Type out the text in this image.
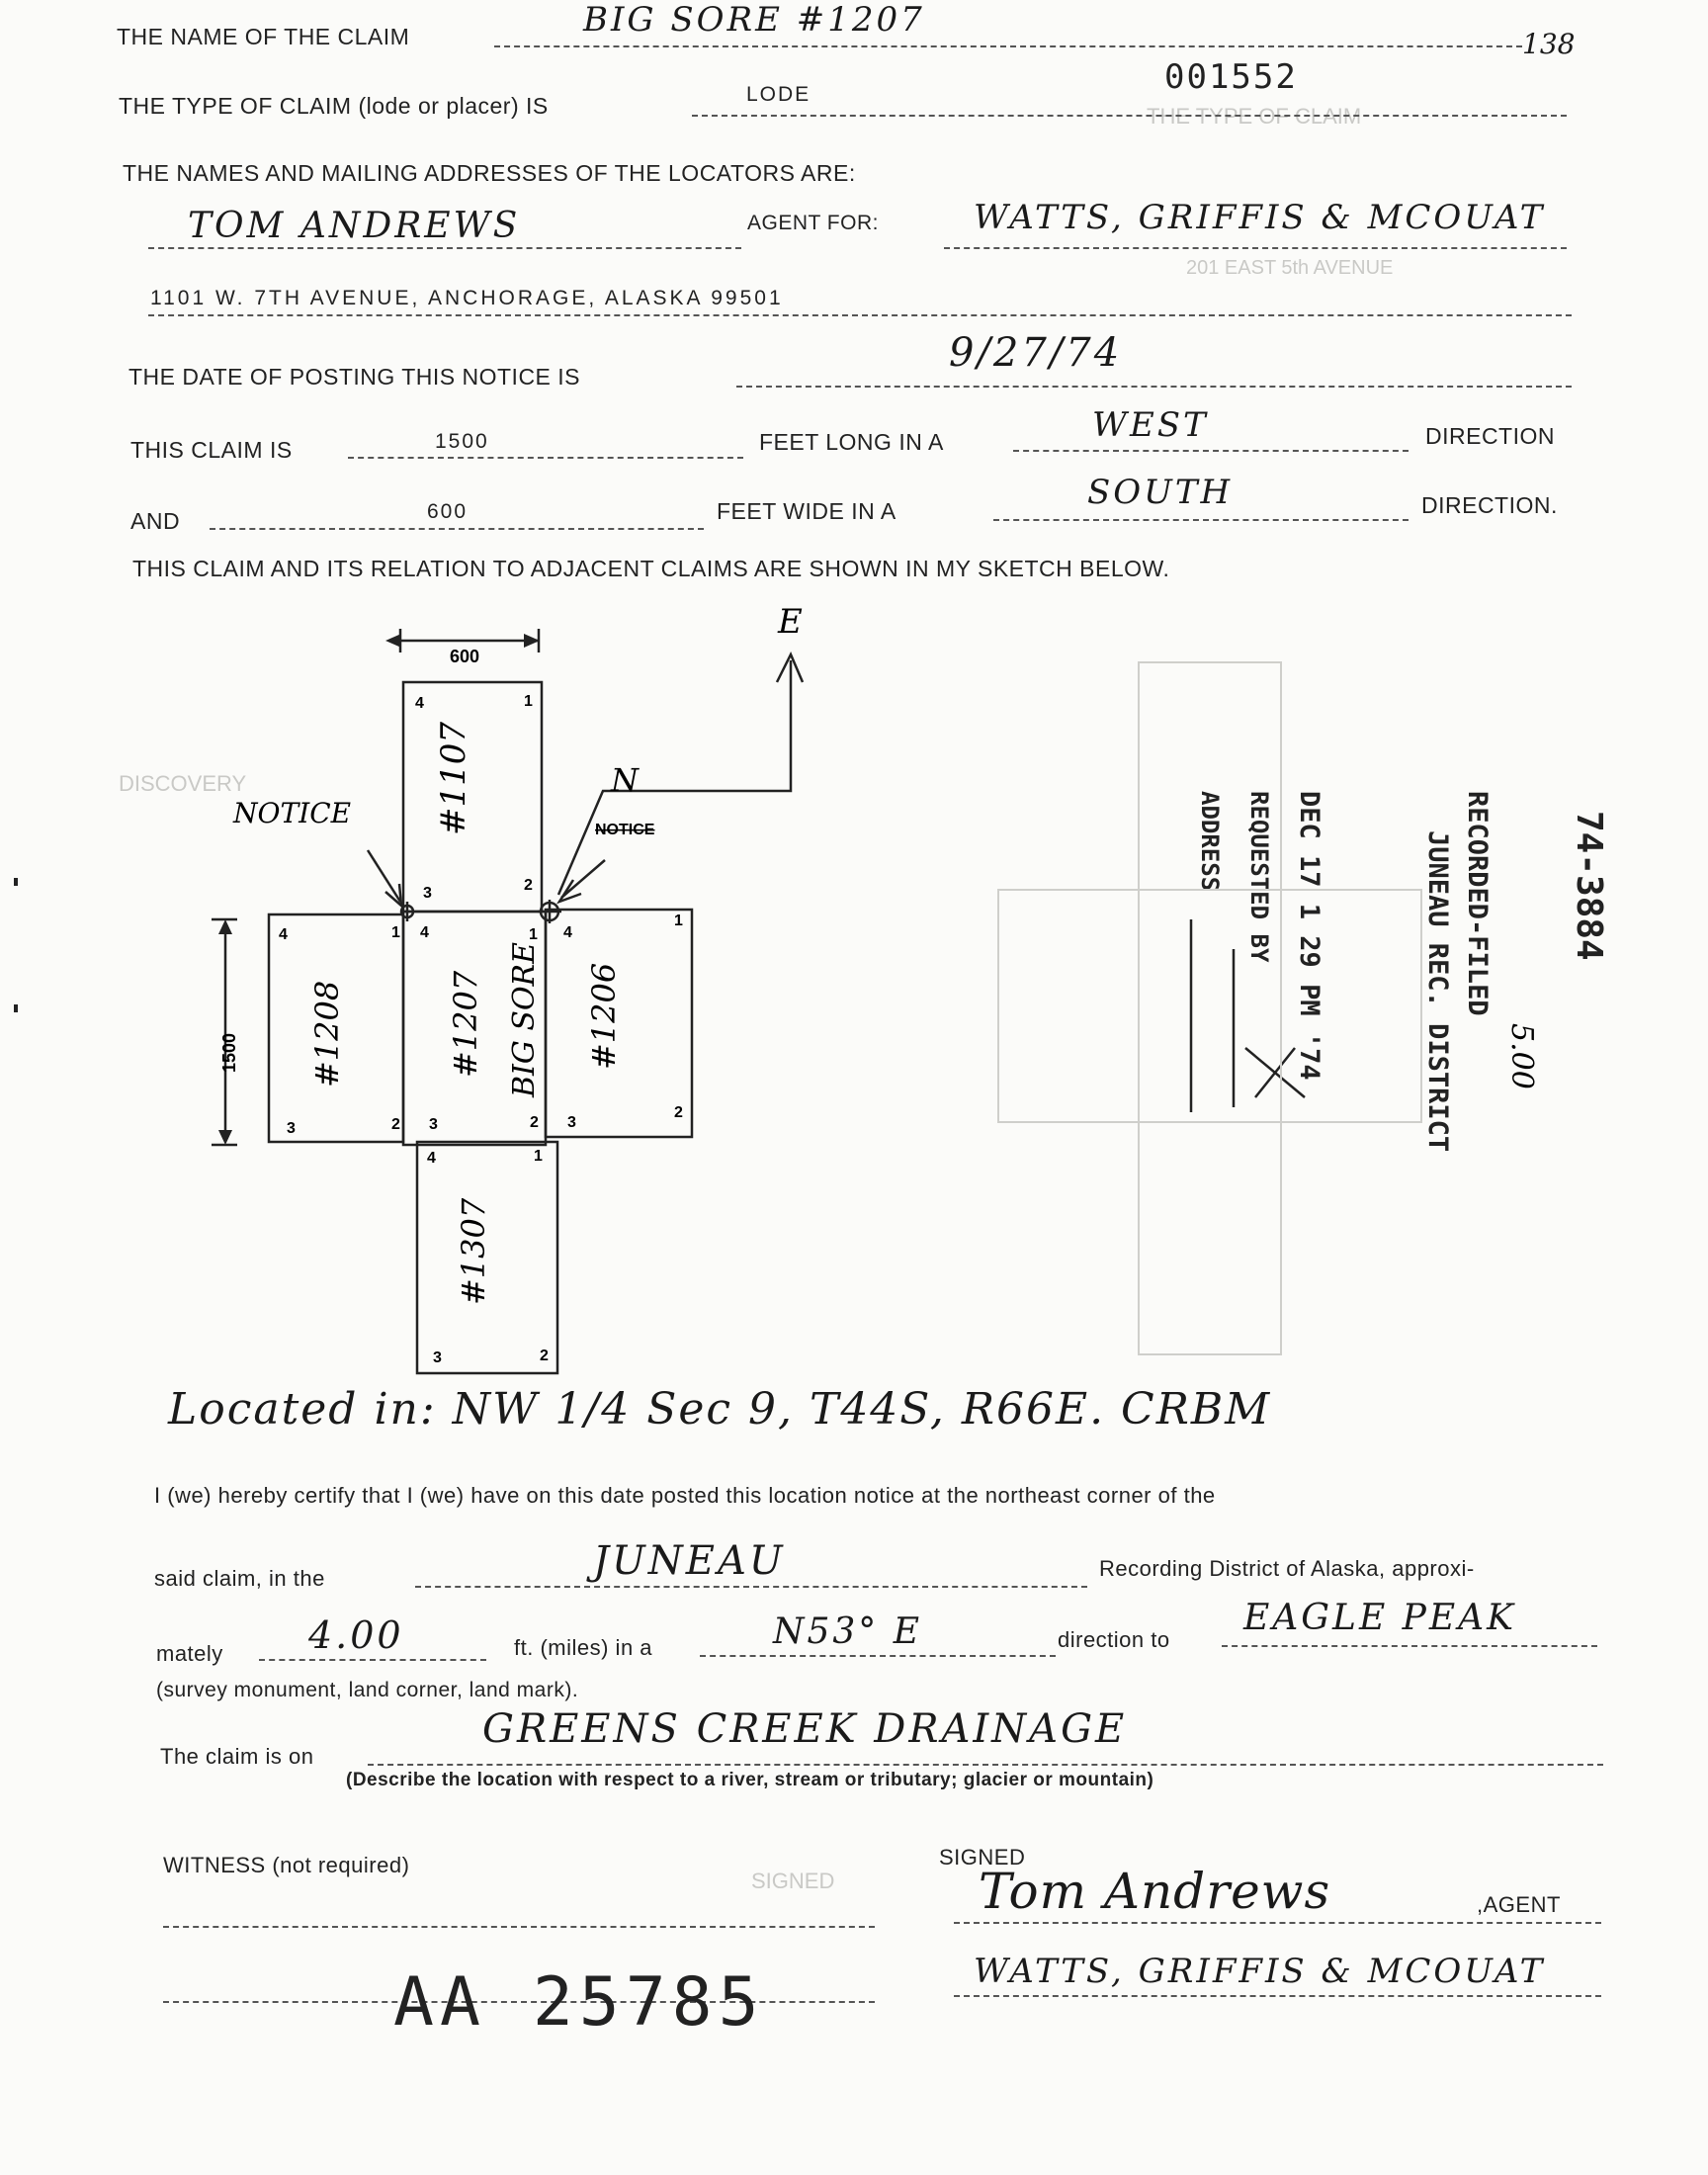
THE TYPE OF CLAIM
201 EAST 5th AVENUE
DISCOVERY
SIGNED
THE NAME OF THE CLAIM	BIG SORE #1207
001552
138
THE TYPE OF CLAIM (lode or placer) IS	LODE
THE NAMES AND MAILING ADDRESSES OF THE LOCATORS ARE:
TOM ANDREWS	AGENT FOR:	WATTS, GRIFFIS & MCOUAT
1101 W. 7TH AVENUE, ANCHORAGE, ALASKA 99501
THE DATE OF POSTING THIS NOTICE IS
9/27/74
THIS CLAIM IS	1500	FEET LONG IN A	WEST	DIRECTION
AND	600	FEET WIDE IN A	SOUTH	DIRECTION.
THIS CLAIM AND ITS RELATION TO ADJACENT CLAIMS ARE SHOWN IN MY SKETCH BELOW.
600
1500
E
N
NOTICE
NOTICE
#1107
#1208	#1207 BIG SORE #1206
#1307
4	1
3	2
4	1 4	1 4
1
3	2 3	2 3
2
4	1
3	2
RECORDED-FILED
JUNEAU REC. DISTRICT
DEC 17 1 29 PM '74
REQUESTED BY
ADDRESS	74-3884
5.00
Located in: NW 1/4 Sec 9, T44S, R66E. CRBM
I (we) hereby certify that I (we) have on this date posted this location notice at the northeast corner of the
said claim, in the	JUNEAU	Recording District of Alaska, approxi-
mately 4.00	ft. (miles) in a	N53° E	direction to
EAGLE PEAK
(survey monument, land corner, land mark).
The claim is on
GREENS CREEK DRAINAGE
(Describe the location with respect to a river, stream or tributary; glacier or mountain)
WITNESS (not required)	SIGNED
Tom Andrews	,AGENT
WATTS, GRIFFIS & MCOUAT
AA 25785
